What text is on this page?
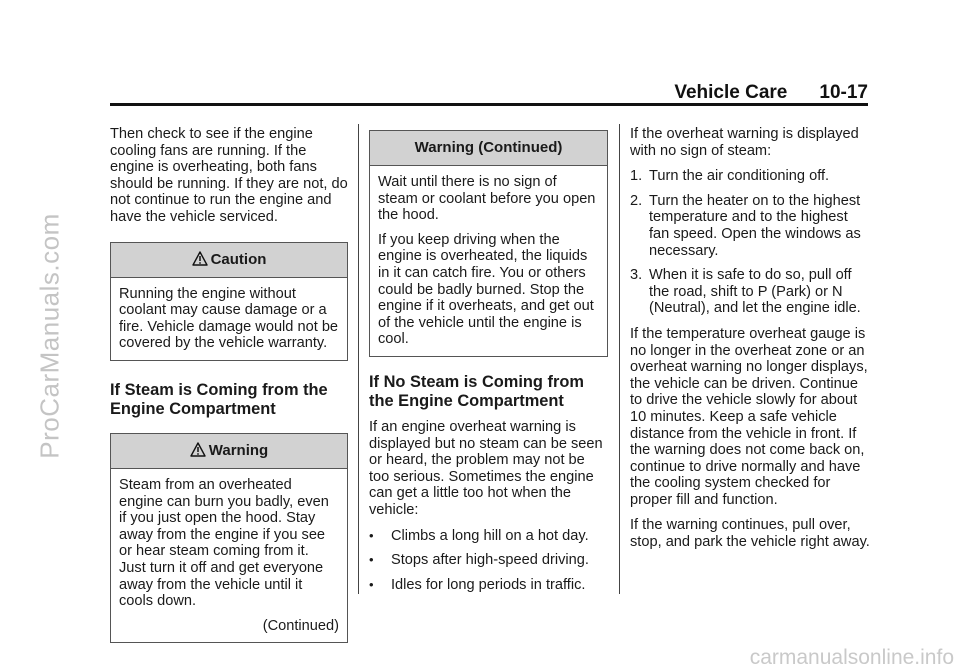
ProCarManuals.com
carmanualsonline.info
Vehicle Care 10-17

Then check to see if the engine cooling fans are running. If the engine is overheating, both fans should be running. If they are not, do not continue to run the engine and have the vehicle serviced.

Caution

Running the engine without coolant may cause damage or a fire. Vehicle damage would not be covered by the vehicle warranty.

If Steam is Coming from the Engine Compartment
Warning

Steam from an overheated engine can burn you badly, even if you just open the hood. Stay away from the engine if you see or hear steam coming from it. Just turn it off and get everyone away from the vehicle until it cools down.

(Continued)
Warning (Continued)

Wait until there is no sign of steam or coolant before you open the hood.

If you keep driving when the engine is overheated, the liquids in it can catch fire. You or others could be badly burned. Stop the engine if it overheats, and get out of the vehicle until the engine is cool.

If No Steam is Coming from the Engine Compartment

If an engine overheat warning is displayed but no steam can be seen or heard, the problem may not be too serious. Sometimes the engine can get a little too hot when the vehicle:

•	Climbs a long hill on a hot day.
•	Stops after high-speed driving.
•	Idles for long periods in traffic.

If the overheat warning is displayed with no sign of steam:

1. Turn the air conditioning off.
2. Turn the heater on to the highest temperature and to the highest fan speed. Open the windows as necessary.
3. When it is safe to do so, pull off the road, shift to P (Park) or N (Neutral), and let the engine idle.

If the temperature overheat gauge is no longer in the overheat zone or an overheat warning no longer displays, the vehicle can be driven. Continue to drive the vehicle slowly for about 10 minutes. Keep a safe vehicle distance from the vehicle in front. If the warning does not come back on, continue to drive normally and have the cooling system checked for proper fill and function.

If the warning continues, pull over, stop, and park the vehicle right away.
